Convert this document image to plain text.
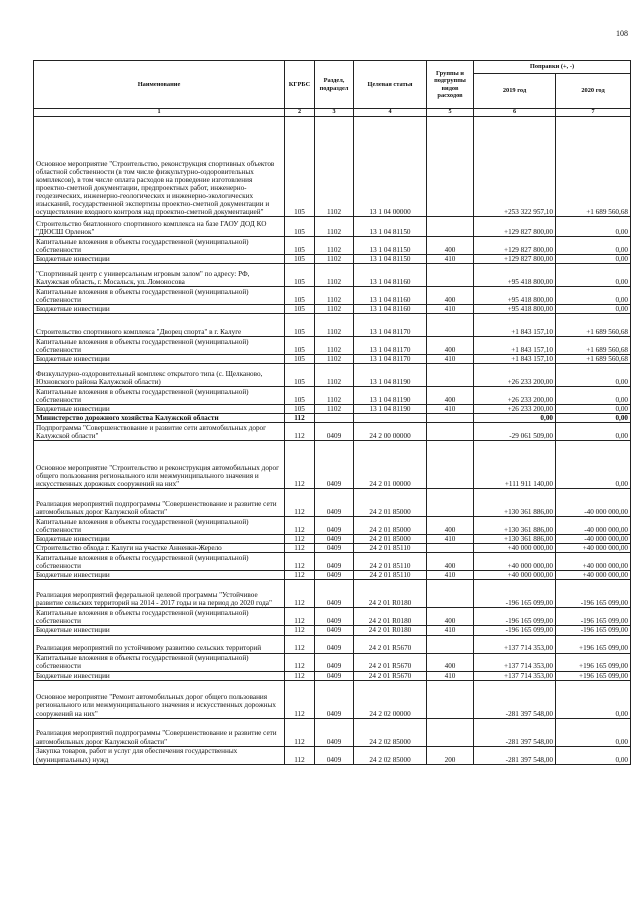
108
Наименование	КГРБС	Раздел, подраздел	Целевая статья	Группы и подгруппы видов расходов	Поправки (+, -)	
					2019 год	2020 год
1	2	3	4	5	6	7
Основное мероприятие "Строительство, реконструкция спортивных объектов областной собственности (в том числе физкультурно-оздоровительных комплексов), в том числе оплата расходов на проведение изготовления проектно-сметной документации, предпроектных работ, инженерно-геодезических, инженерно-геологических и инженерно-экологических изысканий, государственной экспертизы проектно-сметной документации и осуществление входного контроля над проектно-сметной документацией"	105	1102	13 1 04 00000		+253 322 957,10	+1 689 560,68
Строительство биатлонного спортивного комплекса на базе ГАОУ ДОД КО "ДЮСШ Орленок"	105	1102	13 1 04 81150		+129 827 800,00	0,00
Капитальные вложения в объекты государственной (муниципальной) собственности	105	1102	13 1 04 81150	400	+129 827 800,00	0,00
Бюджетные инвестиции	105	1102	13 1 04 81150	410	+129 827 800,00	0,00
"Спортивный центр с универсальным игровым залом" по адресу: РФ, Калужская область, г. Мосальск, ул. Ломоносова	105	1102	13 1 04 81160		+95 418 800,00	0,00
Капитальные вложения в объекты государственной (муниципальной) собственности	105	1102	13 1 04 81160	400	+95 418 800,00	0,00
Бюджетные инвестиции	105	1102	13 1 04 81160	410	+95 418 800,00	0,00
Строительство спортивного комплекса "Дворец спорта" в г. Калуге	105	1102	13 1 04 81170		+1 843 157,10	+1 689 560,68
Капитальные вложения в объекты государственной (муниципальной) собственности	105	1102	13 1 04 81170	400	+1 843 157,10	+1 689 560,68
Бюджетные инвестиции	105	1102	13 1 04 81170	410	+1 843 157,10	+1 689 560,68
Физкультурно-оздоровительный комплекс открытого типа (с. Щелканово, Юхновского района Калужской области)	105	1102	13 1 04 81190		+26 233 200,00	0,00
Капитальные вложения в объекты государственной (муниципальной) собственности	105	1102	13 1 04 81190	400	+26 233 200,00	0,00
Бюджетные инвестиции	105	1102	13 1 04 81190	410	+26 233 200,00	0,00
Министерство дорожного хозяйства Калужской области	112				0,00	0,00
Подпрограмма "Совершенствование и развитие сети автомобильных дорог Калужской области"	112	0409	24 2 00 00000		-29 061 509,00	0,00
Основное мероприятие "Строительство и реконструкция автомобильных дорог общего пользования регионального или межмуниципального значения и искусственных дорожных сооружений на них"	112	0409	24 2 01 00000		+111 911 140,00	0,00
Реализация мероприятий подпрограммы "Совершенствование и развитие сети автомобильных дорог Калужской области"	112	0409	24 2 01 85000		+130 361 886,00	-40 000 000,00
Капитальные вложения в объекты государственной (муниципальной) собственности	112	0409	24 2 01 85000	400	+130 361 886,00	-40 000 000,00
Бюджетные инвестиции	112	0409	24 2 01 85000	410	+130 361 886,00	-40 000 000,00
Строительство обхода г. Калуги на участке Анненки-Жерело	112	0409	24 2 01 85110		+40 000 000,00	+40 000 000,00
Капитальные вложения в объекты государственной (муниципальной) собственности	112	0409	24 2 01 85110	400	+40 000 000,00	+40 000 000,00
Бюджетные инвестиции	112	0409	24 2 01 85110	410	+40 000 000,00	+40 000 000,00
Реализация мероприятий федеральной целевой программы "Устойчивое развитие сельских территорий на 2014 - 2017 годы и на период до 2020 года"	112	0409	24 2 01 R0180		-196 165 099,00	-196 165 099,00
Капитальные вложения в объекты государственной (муниципальной) собственности	112	0409	24 2 01 R0180	400	-196 165 099,00	-196 165 099,00
Бюджетные инвестиции	112	0409	24 2 01 R0180	410	-196 165 099,00	-196 165 099,00
Реализация мероприятий по устойчивому развитию сельских территорий	112	0409	24 2 01 R5670		+137 714 353,00	+196 165 099,00
Капитальные вложения в объекты государственной (муниципальной) собственности	112	0409	24 2 01 R5670	400	+137 714 353,00	+196 165 099,00
Бюджетные инвестиции	112	0409	24 2 01 R5670	410	+137 714 353,00	+196 165 099,00
Основное мероприятие "Ремонт автомобильных дорог общего пользования регионального или межмуниципального значения и искусственных дорожных сооружений на них"	112	0409	24 2 02 00000		-281 397 548,00	0,00
Реализация мероприятий подпрограммы "Совершенствование и развитие сети автомобильных дорог Калужской области"	112	0409	24 2 02 85000		-281 397 548,00	0,00
Закупка товаров, работ и услуг для обеспечения государственных (муниципальных) нужд	112	0409	24 2 02 85000	200	-281 397 548,00	0,00
